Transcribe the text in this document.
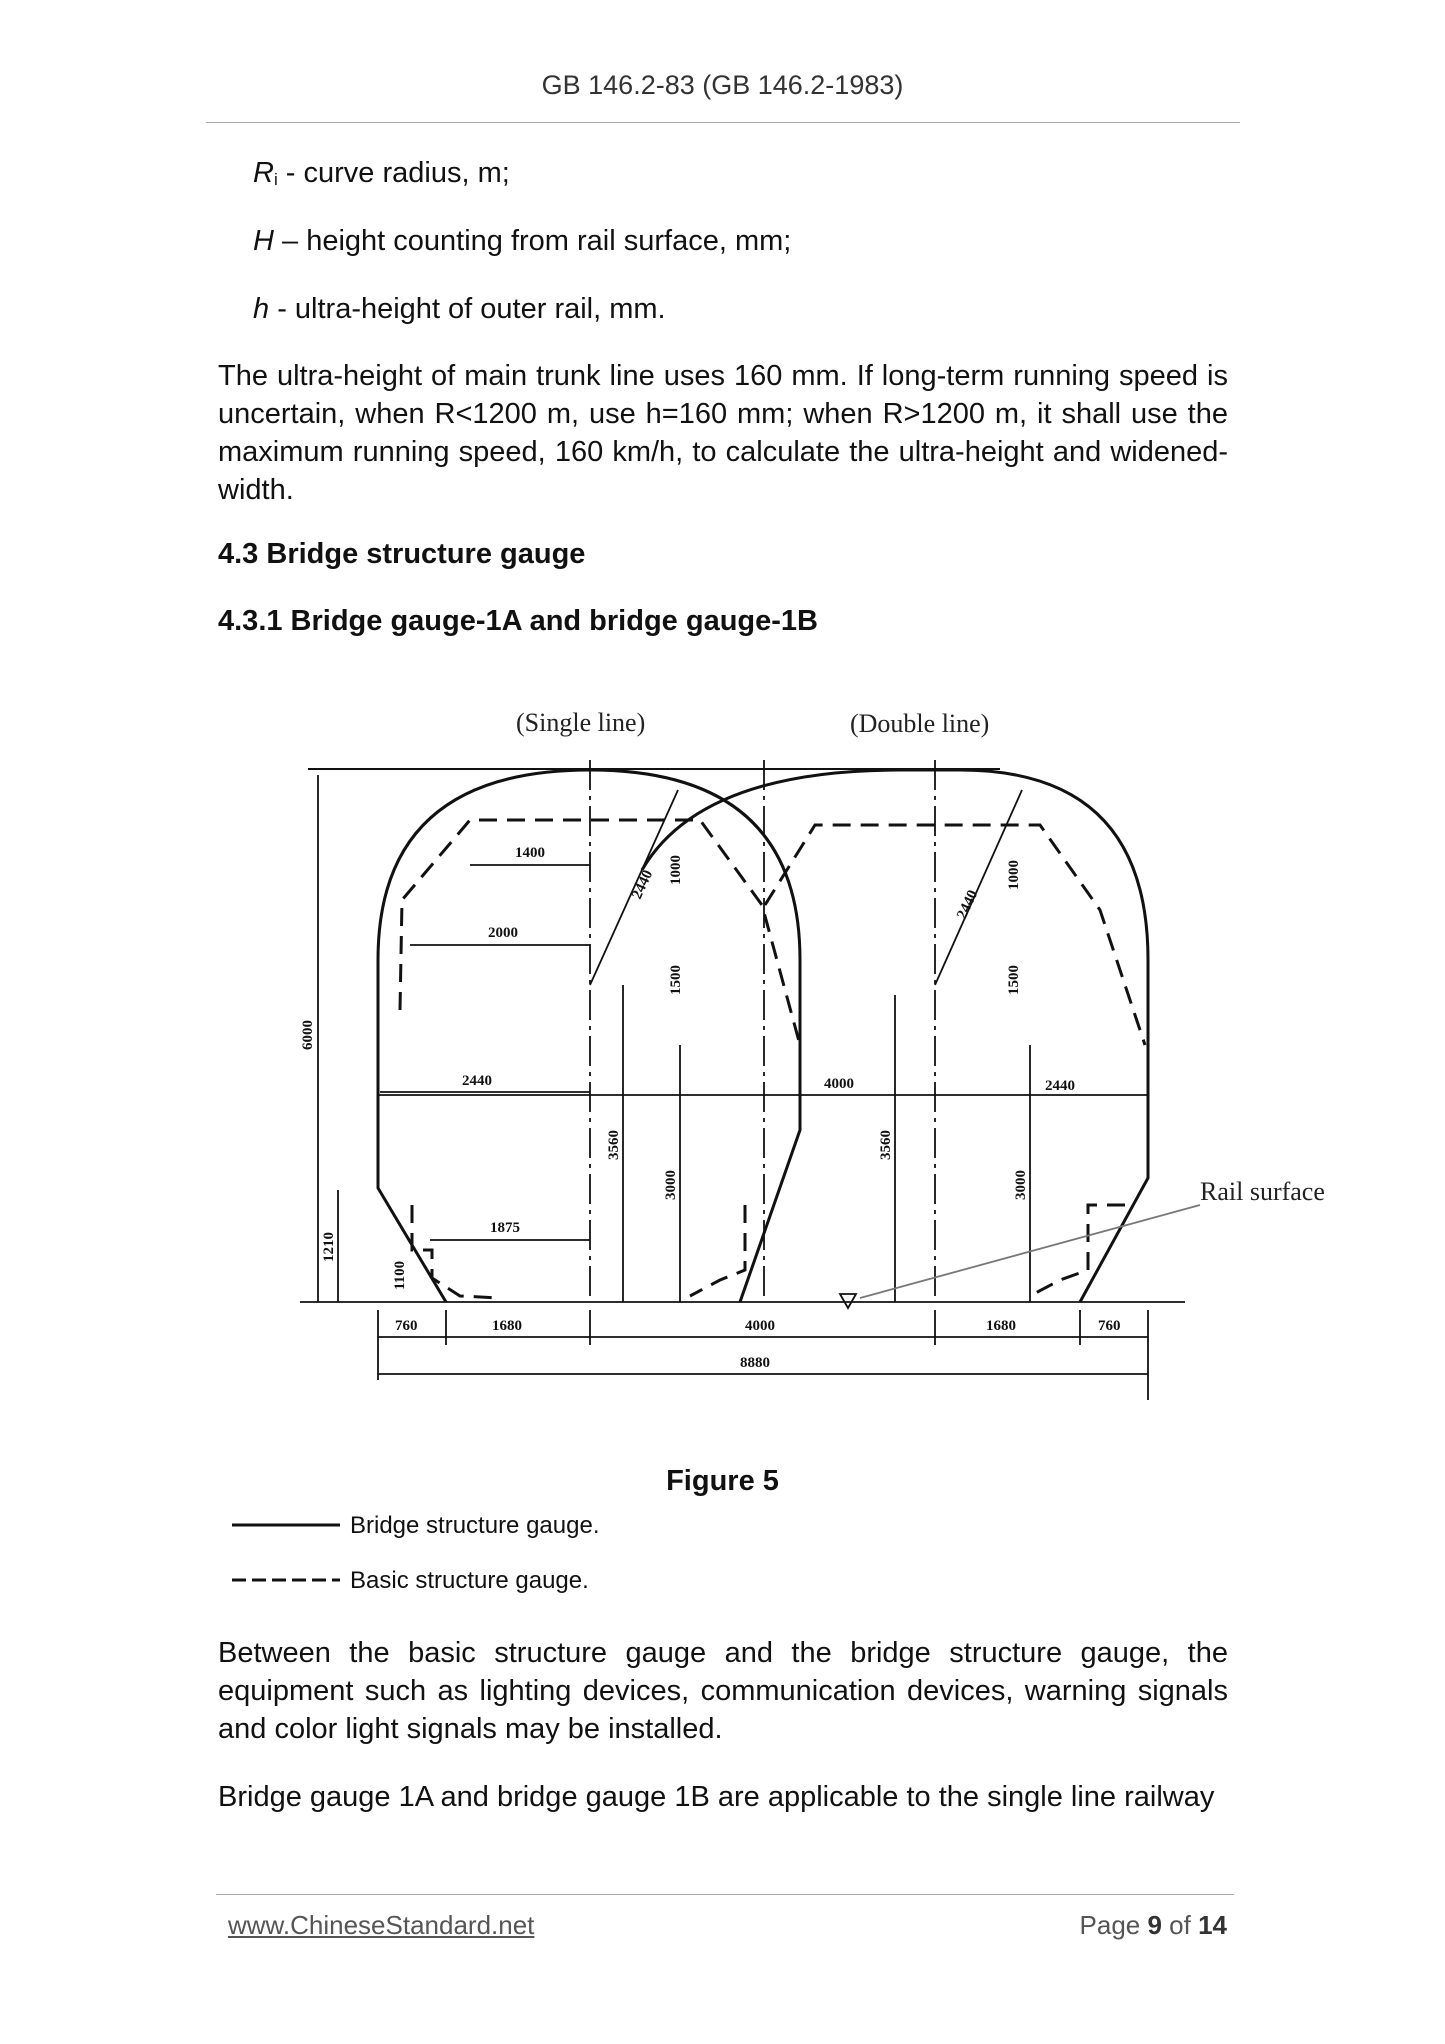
GB 146.2-83 (GB 146.2-1983)
$R_i$ - curve radius, m;
H – height counting from rail surface, mm;
h - ultra-height of outer rail, mm.
The ultra-height of main trunk line uses 160 mm. If long-term running speed is uncertain, when R<1200 m, use h=160 mm; when R>1200 m, it shall use the maximum running speed, 160 km/h, to calculate the ultra-height and widened-width.
4.3 Bridge structure gauge
4.3.1 Bridge gauge-1A and bridge gauge-1B
(Single line)	(Double line)
Rail surface
1400
2000
2440 1000
1500
6000
2440
3560
3000
1210
1100
1875
760	1680	4000
4000
8880
2440
1000
1500
2440
3560
3000
1680	760
Figure 5
Bridge structure gauge.
Basic structure gauge.
Between the basic structure gauge and the bridge structure gauge, the equipment such as lighting devices, communication devices, warning signals and color light signals may be installed.
Bridge gauge 1A and bridge gauge 1B are applicable to the single line railway
www.ChineseStandard.net	Page 9 of 14
